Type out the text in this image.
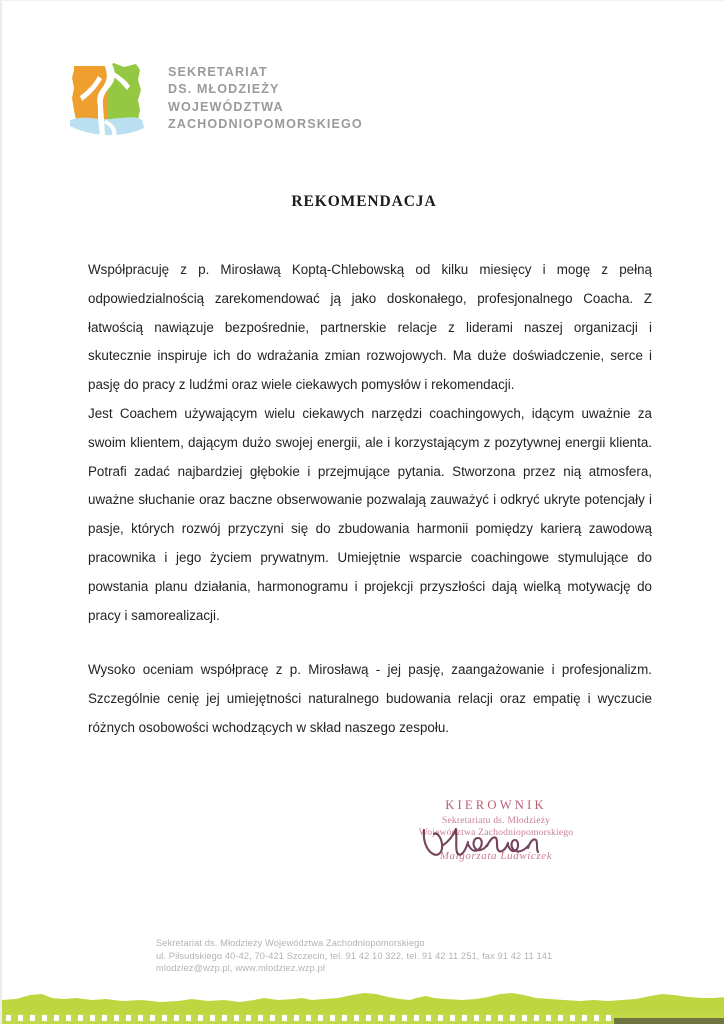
SEKRETARIAT
DS. MŁODZIEŻY
WOJEWÓDZTWA
ZACHODNIOPOMORSKIEGO
REKOMENDACJA

Współpracuję z p. Mirosławą Koptą-Chlebowską od kilku miesięcy i mogę z pełną odpowiedzialnością zarekomendować ją jako doskonałego, profesjonalnego Coacha. Z łatwością nawiązuje bezpośrednie, partnerskie relacje z liderami naszej organizacji i skutecznie inspiruje ich do wdrażania zmian rozwojowych. Ma duże doświadczenie, serce i pasję do pracy z ludźmi oraz wiele ciekawych pomysłów i rekomendacji.

Jest Coachem używającym wielu ciekawych narzędzi coachingowych, idącym uważnie za swoim klientem, dającym dużo swojej energii, ale i korzystającym z pozytywnej energii klienta. Potrafi zadać najbardziej głębokie i przejmujące pytania. Stworzona przez nią atmosfera, uważne słuchanie oraz baczne obserwowanie pozwalają zauważyć i odkryć ukryte potencjały i pasje, których rozwój przyczyni się do zbudowania harmonii pomiędzy karierą zawodową pracownika i jego życiem prywatnym. Umiejętnie wsparcie coachingowe stymulujące do powstania planu działania, harmonogramu i projekcji przyszłości dają wielką motywację do pracy i samorealizacji.

Wysoko oceniam współpracę z p. Mirosławą - jej pasję, zaangażowanie i profesjonalizm. Szczególnie cenię jej umiejętności naturalnego budowania relacji oraz empatię i wyczucie różnych osobowości wchodzących w skład naszego zespołu.

KIEROWNIK
Sekretariatu ds. Młodzieży
Województwa Zachodniopomorskiego
Małgorzata Ludwiczek
Sekretariat ds. Młodzieży Województwa Zachodniopomorskiego
ul. Piłsudskiego 40-42, 70-421 Szczecin, tel. 91 42 10 322, tel. 91 42 11 251, fax 91 42 11 141
mlodziez@wzp.pl, www.mlodziez.wzp.pl
